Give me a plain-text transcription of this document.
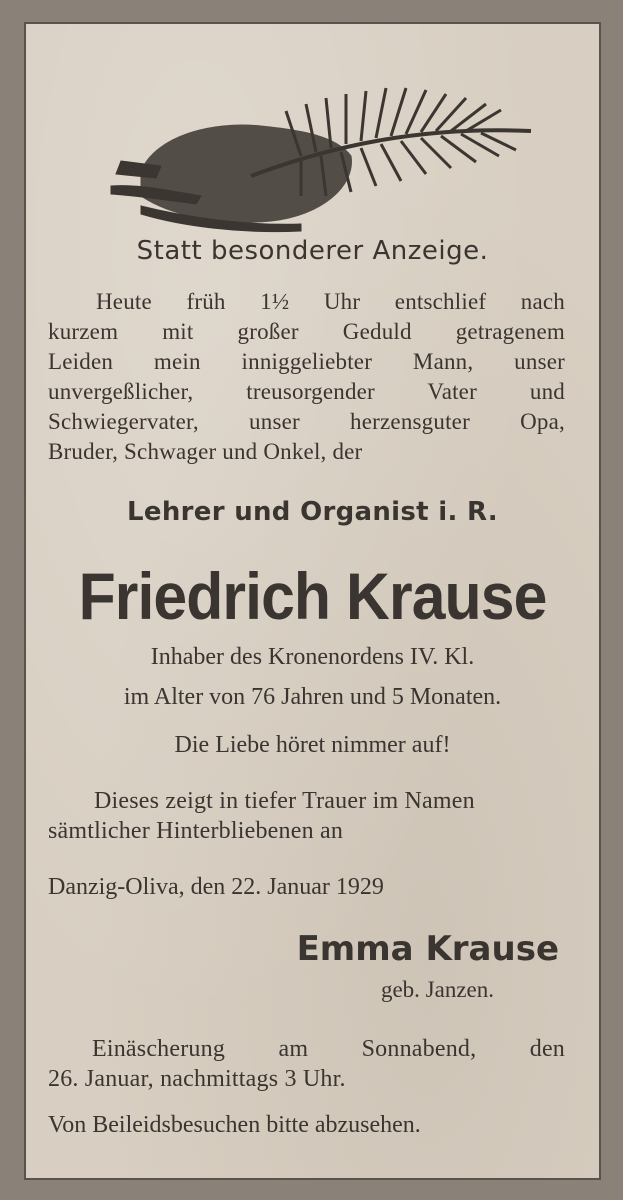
Statt besonderer Anzeige.
Heute früh 1½ Uhr entschlief nach
kurzem mit großer Geduld getragenem
Leiden mein inniggeliebter Mann, unser
unvergeßlicher, treusorgender Vater und
Schwiegervater, unser herzensguter Opa,
Bruder, Schwager und Onkel, der
Lehrer und Organist i. R.
Friedrich Krause
Inhaber des Kronenordens IV. Kl.
im Alter von 76 Jahren und 5 Monaten.
Die Liebe höret nimmer auf!
Dieses zeigt in tiefer Trauer im Namen
sämtlicher Hinterbliebenen an
Danzig-Oliva, den 22. Januar 1929
Emma Krause
geb. Janzen.
Einäscherung am Sonnabend, den
26. Januar, nachmittags 3 Uhr.
Von Beileidsbesuchen bitte abzusehen.
